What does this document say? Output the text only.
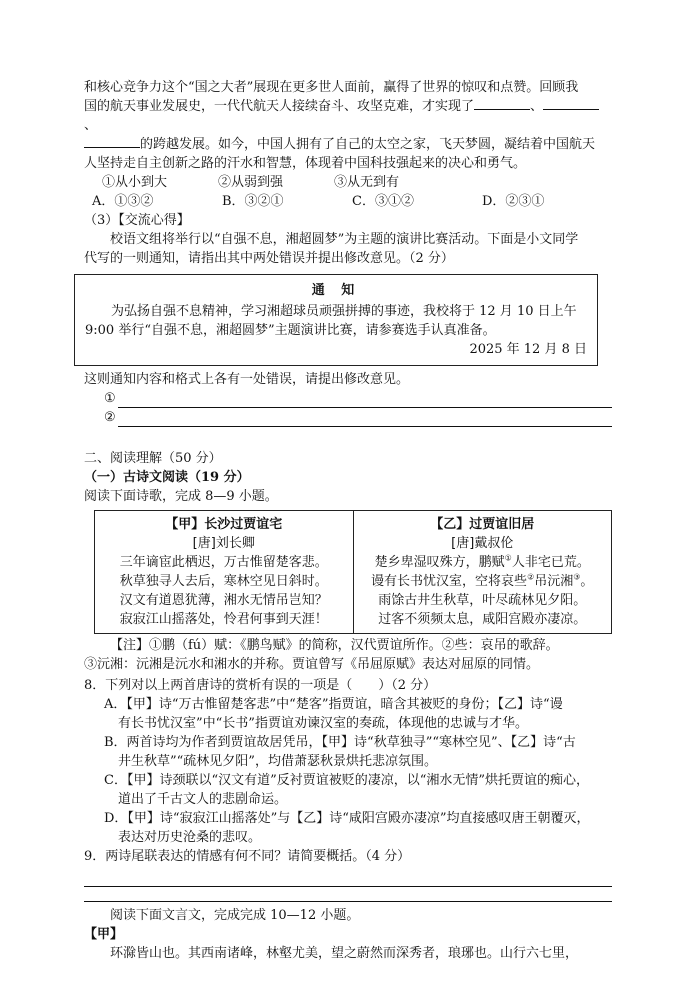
和核心竞争力这个“国之大者”展现在更多世人面前，赢得了世界的惊叹和点赞。回顾我

国的航天事业发展史，一代代航天人接续奋斗、攻坚克难，才实现了	、、

的跨越发展。如今，中国人拥有了自己的太空之家，飞天梦圆，凝结着中国航天

人坚持走自主创新之路的汗水和智慧，体现着中国科技强起来的决心和勇气。

①从小到大	②从弱到强	③从无到有
A．①③②	B．③②①	C．③①②	D．②③①

（3）【交流心得】

校语文组将举行以“自强不息，湘超圆梦”为主题的演讲比赛活动。下面是小文同学

代写的一则通知，请指出其中两处错误并提出修改意见。（2 分）

通 知

为弘扬自强不息精神，学习湘超球员顽强拼搏的事迹，我校将于 12 月 10 日上午

9:00 举行“自强不息，湘超圆梦”主题演讲比赛，请参赛选手认真准备。

2025 年 12 月 8 日

这则通知内容和格式上各有一处错误，请提出修改意见。

①
②

二、阅读理解（50 分）

（一）古诗文阅读（19 分）

阅读下面诗歌，完成 8—9 小题。

【甲】长沙过贾谊宅
[唐]刘长卿
三年谪宦此栖迟，万古惟留楚客悲。
秋草独寻人去后，寒林空见日斜时。
汉文有道恩犹薄，湘水无情吊岂知？
寂寂江山摇落处，怜君何事到天涯！
【乙】过贾谊旧居
[唐]戴叔伦
楚乡卑湿叹殊方，鹏赋①人非宅已荒。
谩有长书忧汉室，空将哀些②吊沅湘③。
雨馀古井生秋草，叶尽疏林见夕阳。
过客不须频太息，咸阳宫殿亦凄凉。

【注】①鹏（fú）赋：《鹏鸟赋》的简称，汉代贾谊所作。②些：哀吊的歌辞。

③沅湘：沅湘是沅水和湘水的并称。贾谊曾写《吊屈原赋》表达对屈原的同情。

8．下列对以上两首唐诗的赏析有误的一项是（　　）（2 分）

A．【甲】诗“万古惟留楚客悲”中“楚客”指贾谊，暗含其被贬的身份；【乙】诗“谩

有长书忧汉室”中“长书”指贾谊劝谏汉室的奏疏，体现他的忠诚与才华。

B．两首诗均为作者到贾谊故居凭吊，【甲】诗“秋草独寻”“寒林空见”、【乙】诗“古

井生秋草”“疏林见夕阳”，均借萧瑟秋景烘托悲凉氛围。

C．【甲】诗颈联以“汉文有道”反衬贾谊被贬的凄凉，以“湘水无情”烘托贾谊的痴心，

道出了千古文人的悲剧命运。

D．【甲】诗“寂寂江山摇落处”与【乙】诗“咸阳宫殿亦凄凉”均直接感叹唐王朝覆灭，

表达对历史沧桑的悲叹。

9．两诗尾联表达的情感有何不同？请简要概括。（4 分）

阅读下面文言文，完成完成 10—12 小题。

【甲】

环滁皆山也。其西南诸峰，林壑尤美，望之蔚然而深秀者，琅琊也。山行六七里，
